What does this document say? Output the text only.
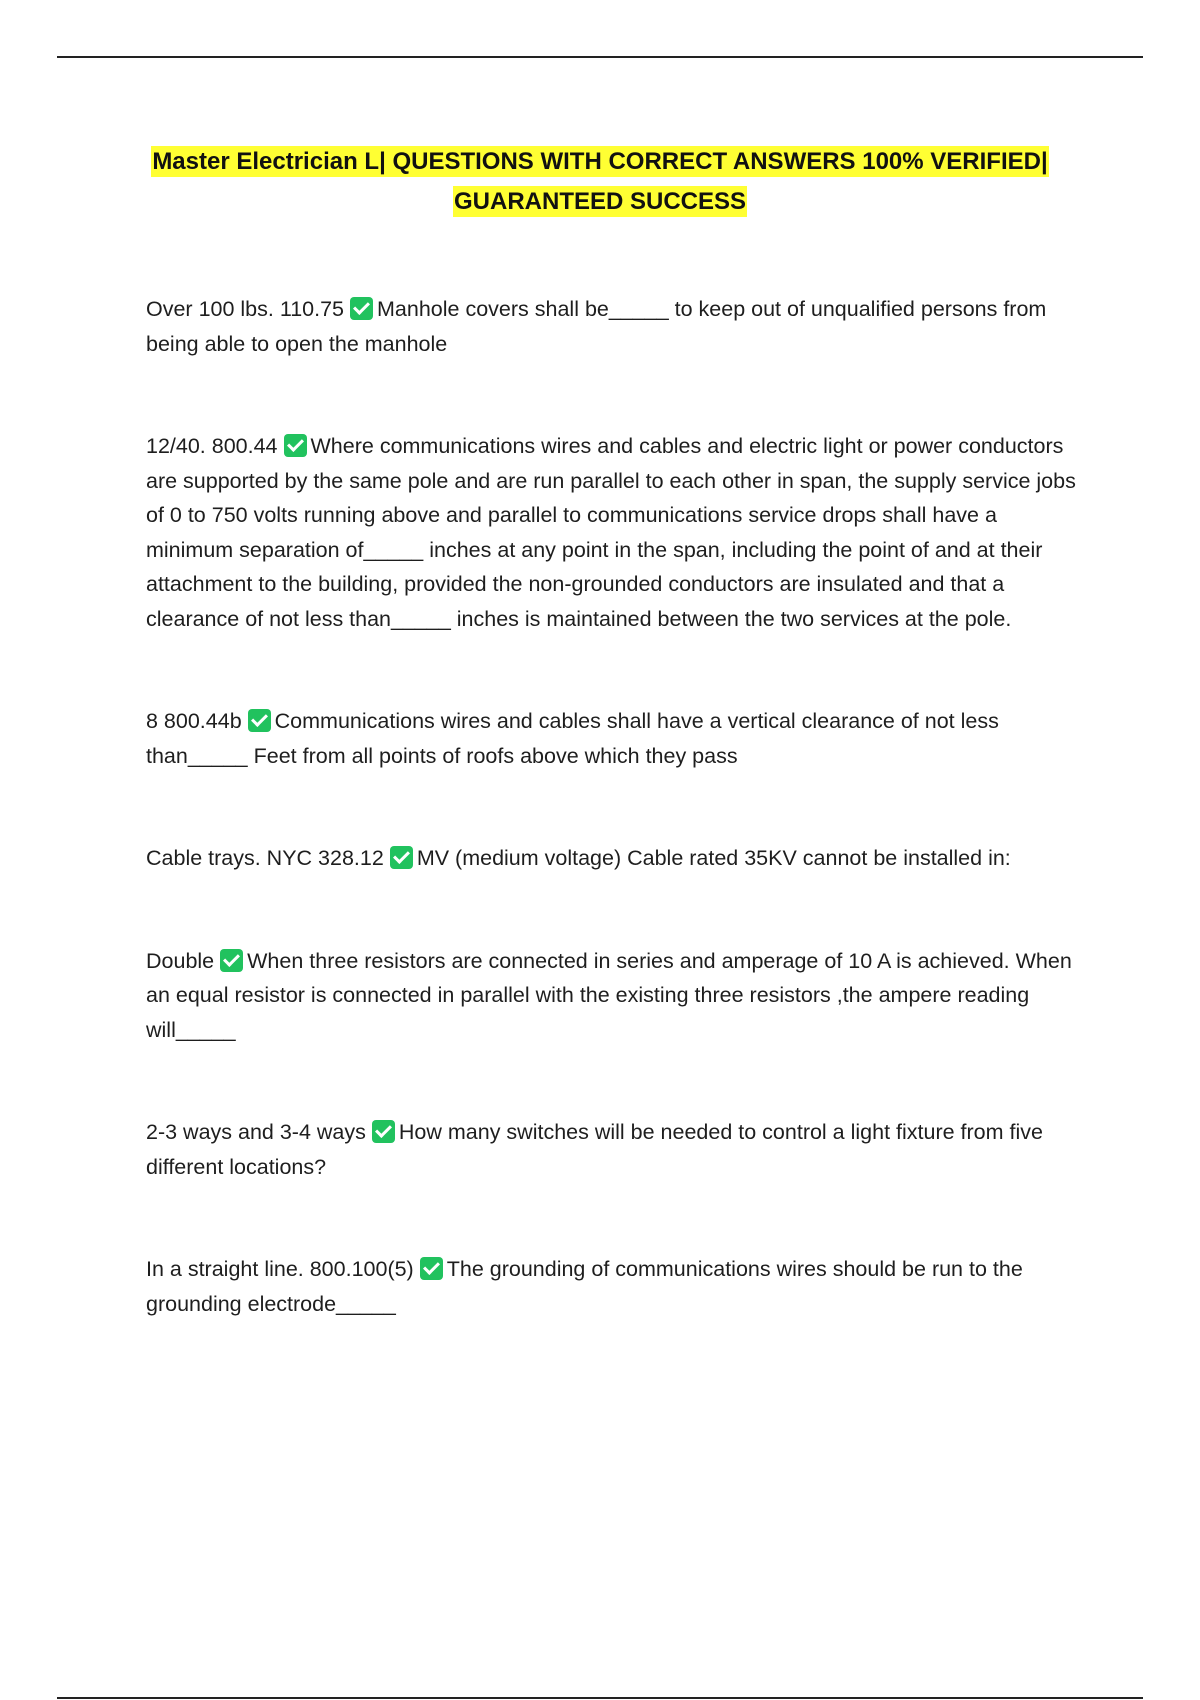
Master Electrician L| QUESTIONS WITH CORRECT ANSWERS 100% VERIFIED|
GUARANTEED SUCCESS

Over 100 lbs. 110.75 Manhole covers shall be_____ to keep out of unqualified persons from being able to open the manhole

12/40. 800.44 Where communications wires and cables and electric light or power conductors are supported by the same pole and are run parallel to each other in span, the supply service jobs of 0 to 750 volts running above and parallel to communications service drops shall have a minimum separation of_____ inches at any point in the span, including the point of and at their attachment to the building, provided the non-grounded conductors are insulated and that a clearance of not less than_____ inches is maintained between the two services at the pole.

8 800.44b Communications wires and cables shall have a vertical clearance of not less than_____ Feet from all points of roofs above which they pass

Cable trays. NYC 328.12 MV (medium voltage) Cable rated 35KV cannot be installed in:

Double When three resistors are connected in series and amperage of 10 A is achieved. When an equal resistor is connected in parallel with the existing three resistors ,the ampere reading will_____

2-3 ways and 3-4 ways How many switches will be needed to control a light fixture from five different locations?

In a straight line. 800.100(5) The grounding of communications wires should be run to the grounding electrode_____
